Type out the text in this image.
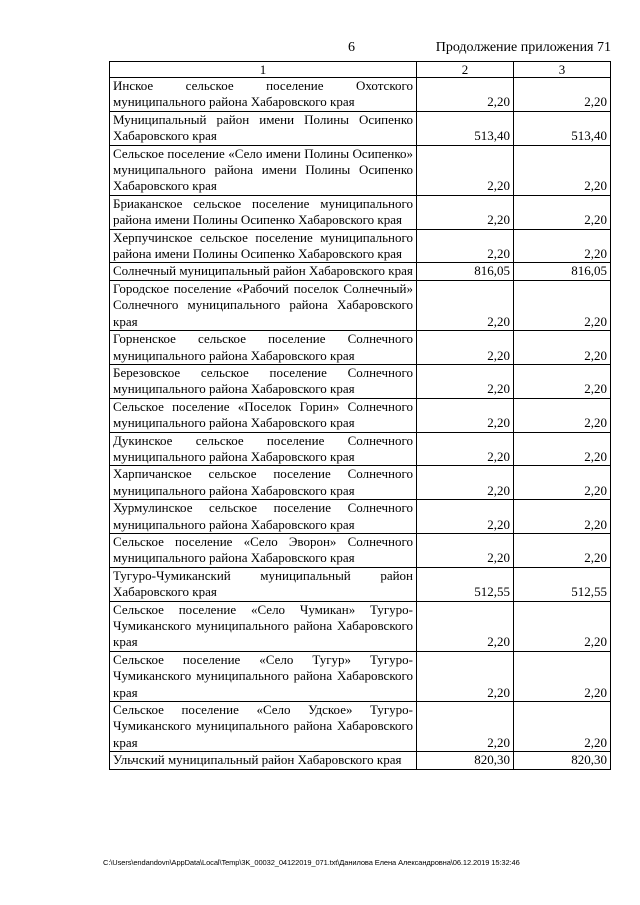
6	Продолжение приложения 71
1	2	3
Инское сельское поселение Охотского муниципального района Хабаровского края	2,20	2,20
Муниципальный район имени Полины Осипенко Хабаровского края	513,40	513,40
Сельское поселение «Село имени Полины Осипенко» муниципального района имени Полины Осипенко Хабаровского края	2,20	2,20
Бриаканское сельское поселение муниципального района имени Полины Осипенко Хабаровского края	2,20	2,20
Херпучинское сельское поселение муниципального района имени Полины Осипенко Хабаровского края	2,20	2,20
Солнечный муниципальный район Хабаровского края	816,05	816,05
Городское поселение «Рабочий поселок Солнечный» Солнечного муниципального района Хабаровского края	2,20	2,20
Горненское сельское поселение Солнечного муниципального района Хабаровского края	2,20	2,20
Березовское сельское поселение Солнечного муниципального района Хабаровского края	2,20	2,20
Сельское поселение «Поселок Горин» Солнечного муниципального района Хабаровского края	2,20	2,20
Дукинское сельское поселение Солнечного муниципального района Хабаровского края	2,20	2,20
Харпичанское сельское поселение Солнечного муниципального района Хабаровского края	2,20	2,20
Хурмулинское сельское поселение Солнечного муниципального района Хабаровского края	2,20	2,20
Сельское поселение «Село Эворон» Солнечного муниципального района Хабаровского края	2,20	2,20
Тугуро-Чумиканский муниципальный район Хабаровского края	512,55	512,55
Сельское поселение «Село Чумикан» Тугуро-Чумиканского муниципального района Хабаровского края	2,20	2,20
Сельское поселение «Село Тугур» Тугуро-Чумиканского муниципального района Хабаровского края	2,20	2,20
Сельское поселение «Село Удское» Тугуро-Чумиканского муниципального района Хабаровского края	2,20	2,20
Ульчский муниципальный район Хабаровского края	820,30	820,30
C:\Users\endandovn\AppData\Local\Temp\3K_00032_04122019_071.txt\Данилова Елена Александровна\06.12.2019 15:32:46
